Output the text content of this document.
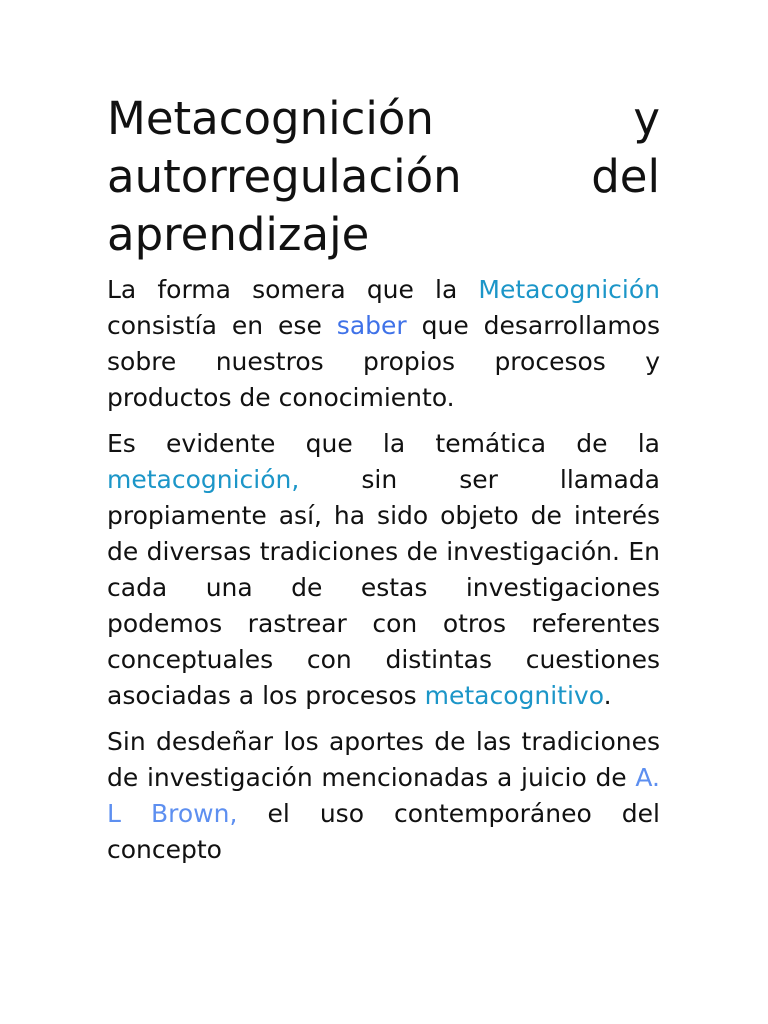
Metacognición y autorregulación del aprendizaje

La forma somera que la Metacognición consistía en ese saber que desarrollamos sobre nuestros propios procesos y productos de conocimiento.

Es evidente que la temática de la metacognición, sin ser llamada propiamente así, ha sido objeto de interés de diversas tradiciones de investigación. En cada una de estas investigaciones podemos rastrear con otros referentes conceptuales con distintas cuestiones asociadas a los procesos metacognitivo.

Sin desdeñar los aportes de las tradiciones de investigación mencionadas a juicio de A. L Brown, el uso contemporáneo del concepto
